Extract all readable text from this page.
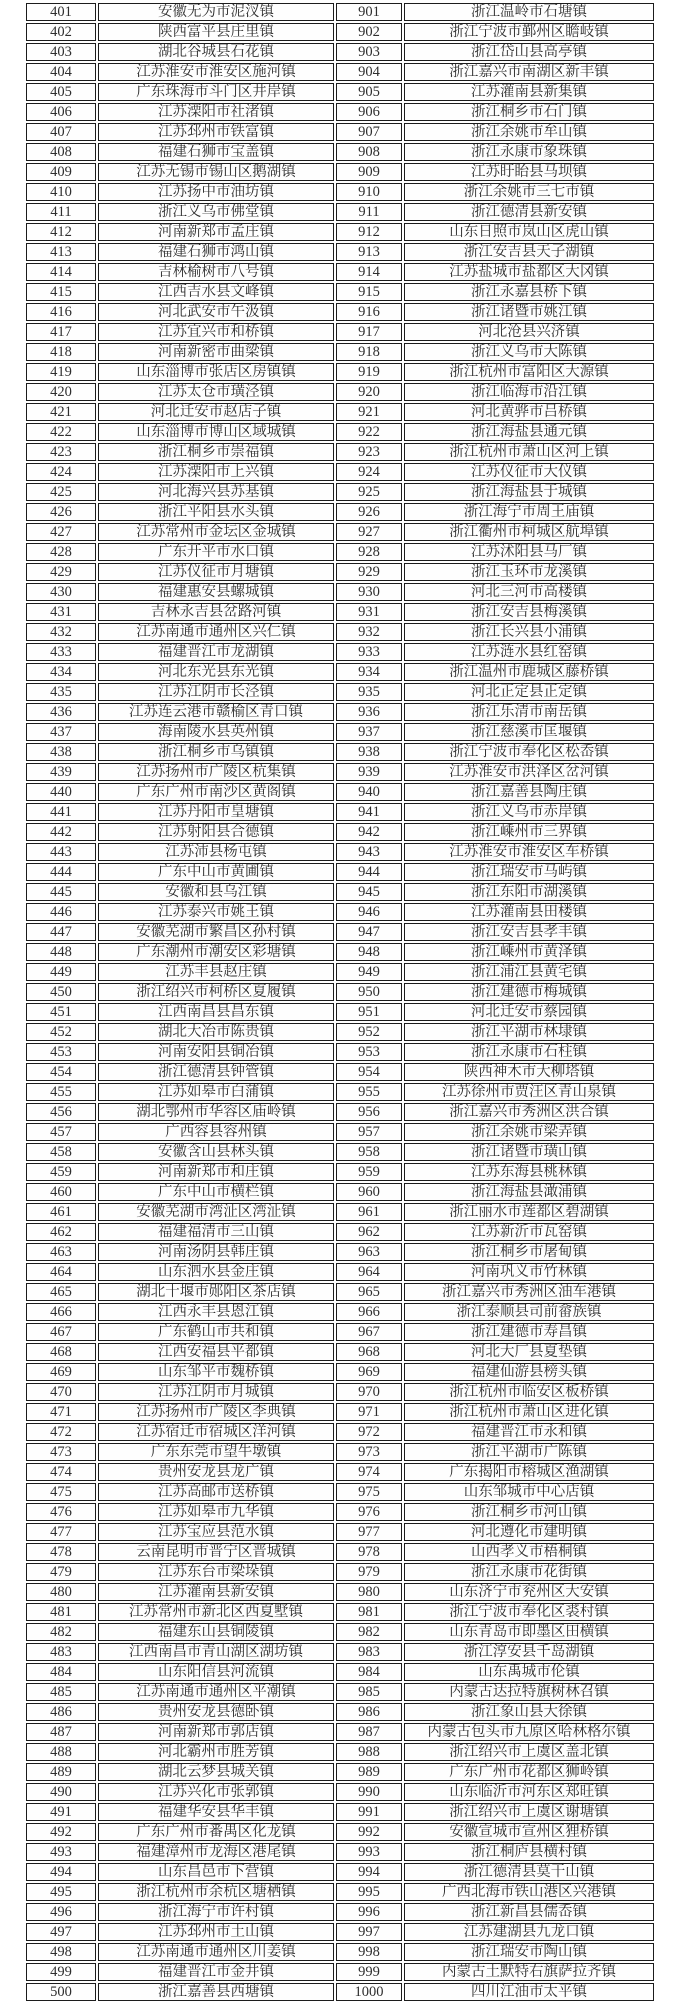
401	安徽无为市泥汊镇	901	浙江温岭市石塘镇
402	陕西富平县庄里镇	902	浙江宁波市鄞州区瞻岐镇
403	湖北谷城县石花镇	903	浙江岱山县高亭镇
404	江苏淮安市淮安区施河镇	904	浙江嘉兴市南湖区新丰镇
405	广东珠海市斗门区井岸镇	905	江苏灌南县新集镇
406	江苏溧阳市社渚镇	906	浙江桐乡市石门镇
407	江苏邳州市铁富镇	907	浙江余姚市牟山镇
408	福建石狮市宝盖镇	908	浙江永康市象珠镇
409	江苏无锡市锡山区鹅湖镇	909	江苏盱眙县马坝镇
410	江苏扬中市油坊镇	910	浙江余姚市三七市镇
411	浙江义乌市佛堂镇	911	浙江德清县新安镇
412	河南新郑市孟庄镇	912	山东日照市岚山区虎山镇
413	福建石狮市鸿山镇	913	浙江安吉县天子湖镇
414	吉林榆树市八号镇	914	江苏盐城市盐都区大冈镇
415	江西吉水县文峰镇	915	浙江永嘉县桥下镇
416	河北武安市午汲镇	916	浙江诸暨市姚江镇
417	江苏宜兴市和桥镇	917	河北沧县兴济镇
418	河南新密市曲梁镇	918	浙江义乌市大陈镇
419	山东淄博市张店区房镇镇	919	浙江杭州市富阳区大源镇
420	江苏太仓市璜泾镇	920	浙江临海市沿江镇
421	河北迁安市赵店子镇	921	河北黄骅市吕桥镇
422	山东淄博市博山区域城镇	922	浙江海盐县通元镇
423	浙江桐乡市崇福镇	923	浙江杭州市萧山区河上镇
424	江苏溧阳市上兴镇	924	江苏仪征市大仪镇
425	河北海兴县苏基镇	925	浙江海盐县于城镇
426	浙江平阳县水头镇	926	浙江海宁市周王庙镇
427	江苏常州市金坛区金城镇	927	浙江衢州市柯城区航埠镇
428	广东开平市水口镇	928	江苏沭阳县马厂镇
429	江苏仪征市月塘镇	929	浙江玉环市龙溪镇
430	福建惠安县螺城镇	930	河北三河市高楼镇
431	吉林永吉县岔路河镇	931	浙江安吉县梅溪镇
432	江苏南通市通州区兴仁镇	932	浙江长兴县小浦镇
433	福建晋江市龙湖镇	933	江苏涟水县红窑镇
434	河北东光县东光镇	934	浙江温州市鹿城区藤桥镇
435	江苏江阴市长泾镇	935	河北正定县正定镇
436	江苏连云港市赣榆区青口镇	936	浙江乐清市南岳镇
437	海南陵水县英州镇	937	浙江慈溪市匡堰镇
438	浙江桐乡市乌镇镇	938	浙江宁波市奉化区松岙镇
439	江苏扬州市广陵区杭集镇	939	江苏淮安市洪泽区岔河镇
440	广东广州市南沙区黄阁镇	940	浙江嘉善县陶庄镇
441	江苏丹阳市皇塘镇	941	浙江义乌市赤岸镇
442	江苏射阳县合德镇	942	浙江嵊州市三界镇
443	江苏沛县杨屯镇	943	江苏淮安市淮安区车桥镇
444	广东中山市黄圃镇	944	浙江瑞安市马屿镇
445	安徽和县乌江镇	945	浙江东阳市湖溪镇
446	江苏泰兴市姚王镇	946	江苏灌南县田楼镇
447	安徽芜湖市繁昌区孙村镇	947	浙江安吉县孝丰镇
448	广东潮州市潮安区彩塘镇	948	浙江嵊州市黄泽镇
449	江苏丰县赵庄镇	949	浙江浦江县黄宅镇
450	浙江绍兴市柯桥区夏履镇	950	浙江建德市梅城镇
451	江西南昌县昌东镇	951	河北迁安市蔡园镇
452	湖北大冶市陈贵镇	952	浙江平湖市林埭镇
453	河南安阳县铜冶镇	953	浙江永康市石柱镇
454	浙江德清县钟管镇	954	陕西神木市大柳塔镇
455	江苏如皋市白蒲镇	955	江苏徐州市贾汪区青山泉镇
456	湖北鄂州市华容区庙岭镇	956	浙江嘉兴市秀洲区洪合镇
457	广西容县容州镇	957	浙江余姚市梁弄镇
458	安徽含山县林头镇	958	浙江诸暨市璜山镇
459	河南新郑市和庄镇	959	江苏东海县桃林镇
460	广东中山市横栏镇	960	浙江海盐县澉浦镇
461	安徽芜湖市湾沚区湾沚镇	961	浙江丽水市莲都区碧湖镇
462	福建福清市三山镇	962	江苏新沂市瓦窑镇
463	河南汤阴县韩庄镇	963	浙江桐乡市屠甸镇
464	山东泗水县金庄镇	964	河南巩义市竹林镇
465	湖北十堰市郧阳区茶店镇	965	浙江嘉兴市秀洲区油车港镇
466	江西永丰县恩江镇	966	浙江泰顺县司前畲族镇
467	广东鹤山市共和镇	967	浙江建德市寿昌镇
468	江西安福县平都镇	968	河北大厂县夏垫镇
469	山东邹平市魏桥镇	969	福建仙游县榜头镇
470	江苏江阴市月城镇	970	浙江杭州市临安区板桥镇
471	江苏扬州市广陵区李典镇	971	浙江杭州市萧山区进化镇
472	江苏宿迁市宿城区洋河镇	972	福建晋江市永和镇
473	广东东莞市望牛墩镇	973	浙江平湖市广陈镇
474	贵州安龙县龙广镇	974	广东揭阳市榕城区渔湖镇
475	江苏高邮市送桥镇	975	山东邹城市中心店镇
476	江苏如皋市九华镇	976	浙江桐乡市河山镇
477	江苏宝应县范水镇	977	河北遵化市建明镇
478	云南昆明市晋宁区晋城镇	978	山西孝义市梧桐镇
479	江苏东台市梁垛镇	979	浙江永康市花街镇
480	江苏灌南县新安镇	980	山东济宁市兖州区大安镇
481	江苏常州市新北区西夏墅镇	981	浙江宁波市奉化区裘村镇
482	福建东山县铜陵镇	982	山东青岛市即墨区田横镇
483	江西南昌市青山湖区湖坊镇	983	浙江淳安县千岛湖镇
484	山东阳信县河流镇	984	山东禹城市伦镇
485	江苏南通市通州区平潮镇	985	内蒙古达拉特旗树林召镇
486	贵州安龙县德卧镇	986	浙江象山县大徐镇
487	河南新郑市郭店镇	987	内蒙古包头市九原区哈林格尔镇
488	河北霸州市胜芳镇	988	浙江绍兴市上虞区盖北镇
489	湖北云梦县城关镇	989	广东广州市花都区狮岭镇
490	江苏兴化市张郭镇	990	山东临沂市河东区郑旺镇
491	福建华安县华丰镇	991	浙江绍兴市上虞区谢塘镇
492	广东广州市番禺区化龙镇	992	安徽宣城市宣州区狸桥镇
493	福建漳州市龙海区港尾镇	993	浙江桐庐县横村镇
494	山东昌邑市下营镇	994	浙江德清县莫干山镇
495	浙江杭州市余杭区塘栖镇	995	广西北海市铁山港区兴港镇
496	浙江海宁市许村镇	996	浙江新昌县儒岙镇
497	江苏邳州市土山镇	997	江苏建湖县九龙口镇
498	江苏南通市通州区川姜镇	998	浙江瑞安市陶山镇
499	福建晋江市金井镇	999	内蒙古土默特右旗萨拉齐镇
500	浙江嘉善县西塘镇	1000	四川江油市太平镇
